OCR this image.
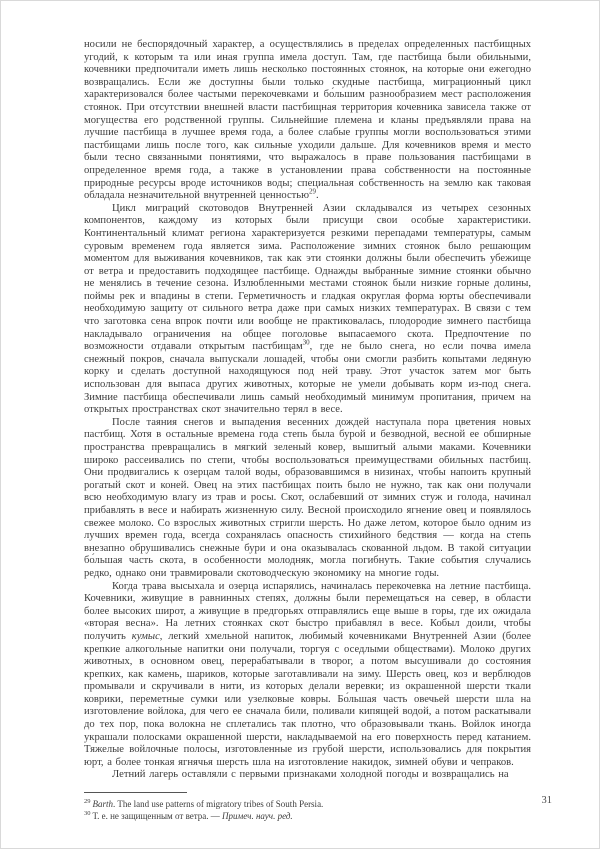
носили не беспорядочный характер, а осуществлялись в пределах определенных пастбищных угодий, к которым та или иная группа имела доступ. Там, где пастбища были обильными, кочевники предпочитали иметь лишь несколько постоянных стоянок, на которые они ежегодно возвращались. Если же доступны были только скудные пастбища, миграционный цикл характеризовался более частыми перекочевками и бо́льшим разнообразием мест расположения стоянок. При отсутствии внешней власти пастбищная территория кочевника зависела также от могущества его родственной группы. Сильнейшие племена и кланы предъявляли права на лучшие пастбища в лучшее время года, а более слабые группы могли воспользоваться этими пастбищами лишь после того, как сильные уходили дальше. Для кочевников время и место были тесно связанными понятиями, что выражалось в праве пользования пастбищами в определенное время года, а также в установлении права собственности на постоянные природные ресурсы вроде источников воды; специальная собственность на землю как таковая обладала незначительной внутренней ценностью$^{29}$.

Цикл миграций скотоводов Внутренней Азии складывался из четырех сезонных компонентов, каждому из которых были присущи свои особые характеристики. Континентальный климат региона характеризуется резкими перепадами температуры, самым суровым временем года является зима. Расположение зимних стоянок было решающим моментом для выживания кочевников, так как эти стоянки должны были обеспечить убежище от ветра и предоставить подходящее пастбище. Однажды выбранные зимние стоянки обычно не менялись в течение сезона. Излюбленными местами стоянок были низкие горные долины, поймы рек и впадины в степи. Герметичность и гладкая округлая форма юрты обеспечивали необходимую защиту от сильного ветра даже при самых низких температурах. В связи с тем что заготовка сена впрок почти или вообще не практиковалась, плодородие зимнего пастбища накладывало ограничения на общее поголовье выпасаемого скота. Предпочтение по возможности отдавали открытым пастбищам$^{30}$, где не было снега, но если почва имела снежный покров, сначала выпускали лошадей, чтобы они смогли разбить копытами ледяную корку и сделать доступной находящуюся под ней траву. Этот участок затем мог быть использован для выпаса других животных, которые не умели добывать корм из-под снега. Зимние пастбища обеспечивали лишь самый необходимый минимум пропитания, причем на открытых пространствах скот значительно терял в весе.

После таяния снегов и выпадения весенних дождей наступала пора цветения новых пастбищ. Хотя в остальные времена года степь была бурой и безводной, весной ее обширные пространства превращались в мягкий зеленый ковер, вышитый алыми маками. Кочевники широко рассеивались по степи, чтобы воспользоваться преимуществами обильных пастбищ. Они продвигались к озерцам талой воды, образовавшимся в низинах, чтобы напоить крупный рогатый скот и коней. Овец на этих пастбищах поить было не нужно, так как они получали всю необходимую влагу из трав и росы. Скот, ослабевший от зимних стуж и голода, начинал прибавлять в весе и набирать жизненную силу. Весной происходило ягнение овец и появлялось свежее молоко. Со взрослых животных стригли шерсть. Но даже летом, которое было одним из лучших времен года, всегда сохранялась опасность стихийного бедствия — когда на степь внезапно обрушивались снежные бури и она оказывалась скованной льдом. В такой ситуации бо́льшая часть скота, в особенности молодняк, могла погибнуть. Такие события случались редко, однако они травмировали скотоводческую экономику на многие годы.

Когда трава высыхала и озерца испарялись, начиналась перекочевка на летние пастбища. Кочевники, живущие в равнинных степях, должны были перемещаться на север, в области более высоких широт, а живущие в предгорьях отправлялись еще выше в горы, где их ожидала «вторая весна». На летних стоянках скот быстро прибавлял в весе. Кобыл доили, чтобы получить кумыс, легкий хмельной напиток, любимый кочевниками Внутренней Азии (более крепкие алкогольные напитки они получали, торгуя с оседлыми обществами). Молоко других животных, в основном овец, перерабатывали в творог, а потом высушивали до состояния крепких, как камень, шариков, которые заготавливали на зиму. Шерсть овец, коз и верблюдов промывали и скручивали в нити, из которых делали веревки; из окрашенной шерсти ткали коврики, переметные сумки или узелковые ковры. Бо́льшая часть овечьей шерсти шла на изготовление войлока, для чего ее сначала били, поливали кипящей водой, а потом раскатывали до тех пор, пока волокна не сплетались так плотно, что образовывали ткань. Войлок иногда украшали полосками окрашенной шерсти, накладываемой на его поверхность перед катанием. Тяжелые войлочные полосы, изготовленные из грубой шерсти, использовались для покрытия юрт, а более тонкая ягнячья шерсть шла на изготовление накидок, зимней обуви и чепраков.

Летний лагерь оставляли с первыми признаками холодной погоды и возвращались на

$^{29}$ Barth. The land use patterns of migratory tribes of South Persia.

$^{30}$ Т. е. не защищенным от ветра. — Примеч. науч. ред.

31
